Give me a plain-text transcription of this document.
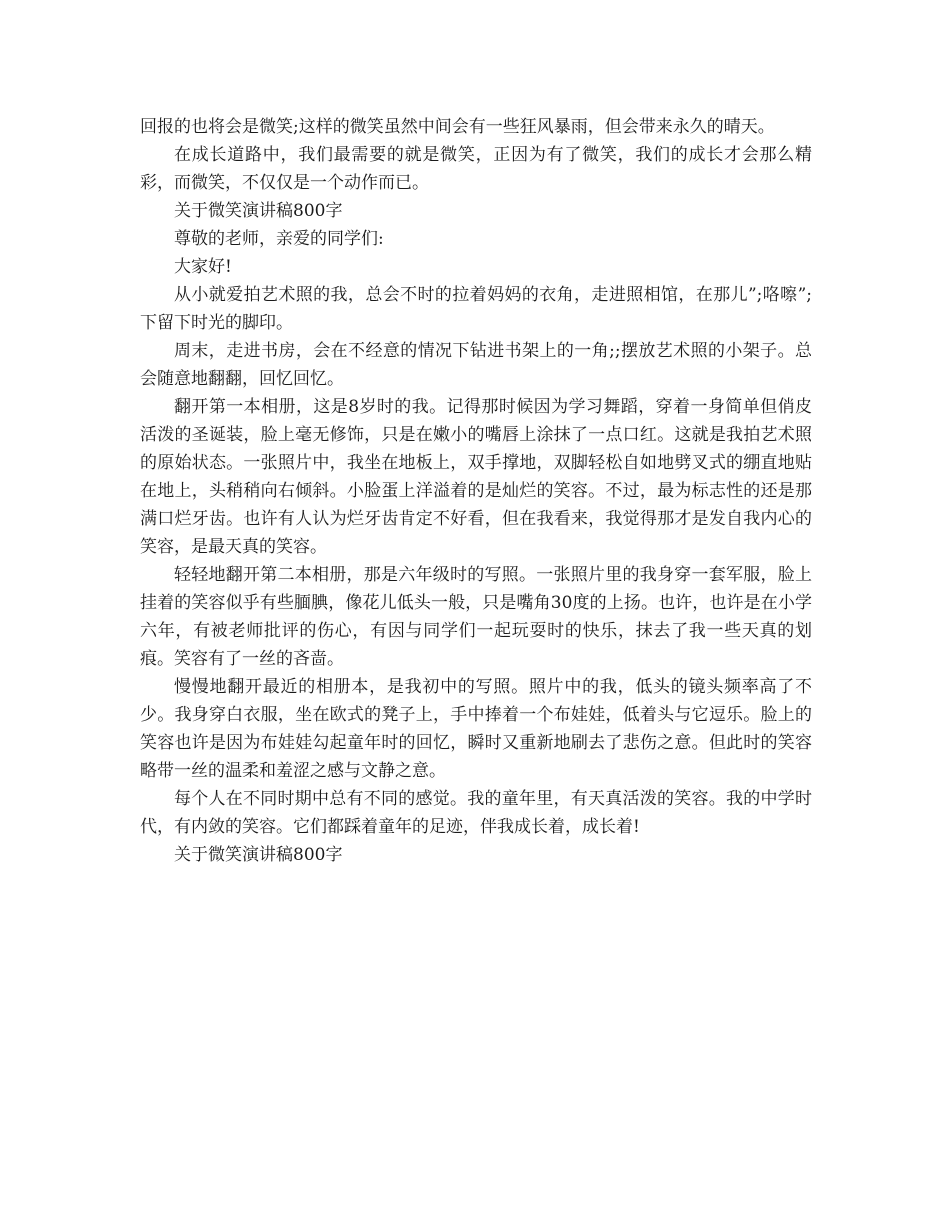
回报的也将会是微笑;这样的微笑虽然中间会有一些狂风暴雨，但会带来永久的晴天。

在成长道路中，我们最需要的就是微笑，正因为有了微笑，我们的成长才会那么精彩，而微笑，不仅仅是一个动作而已。

关于微笑演讲稿800字

尊敬的老师，亲爱的同学们:

大家好!

从小就爱拍艺术照的我，总会不时的拉着妈妈的衣角，走进照相馆，在那儿”;咯嚓”;下留下时光的脚印。

周末，走进书房，会在不经意的情况下钻进书架上的一角;;摆放艺术照的小架子。总会随意地翻翻，回忆回忆。

翻开第一本相册，这是8岁时的我。记得那时候因为学习舞蹈，穿着一身简单但俏皮活泼的圣诞装，脸上毫无修饰，只是在嫩小的嘴唇上涂抹了一点口红。这就是我拍艺术照的原始状态。一张照片中，我坐在地板上，双手撑地，双脚轻松自如地劈叉式的绷直地贴在地上，头稍稍向右倾斜。小脸蛋上洋溢着的是灿烂的笑容。不过，最为标志性的还是那满口烂牙齿。也许有人认为烂牙齿肯定不好看，但在我看来，我觉得那才是发自我内心的笑容，是最天真的笑容。

轻轻地翻开第二本相册，那是六年级时的写照。一张照片里的我身穿一套军服，脸上挂着的笑容似乎有些腼腆，像花儿低头一般，只是嘴角30度的上扬。也许，也许是在小学六年，有被老师批评的伤心，有因与同学们一起玩耍时的快乐，抹去了我一些天真的划痕。笑容有了一丝的吝啬。

慢慢地翻开最近的相册本，是我初中的写照。照片中的我，低头的镜头频率高了不少。我身穿白衣服，坐在欧式的凳子上，手中捧着一个布娃娃，低着头与它逗乐。脸上的笑容也许是因为布娃娃勾起童年时的回忆，瞬时又重新地刷去了悲伤之意。但此时的笑容略带一丝的温柔和羞涩之感与文静之意。

每个人在不同时期中总有不同的感觉。我的童年里，有天真活泼的笑容。我的中学时代，有内敛的笑容。它们都踩着童年的足迹，伴我成长着，成长着!

关于微笑演讲稿800字
